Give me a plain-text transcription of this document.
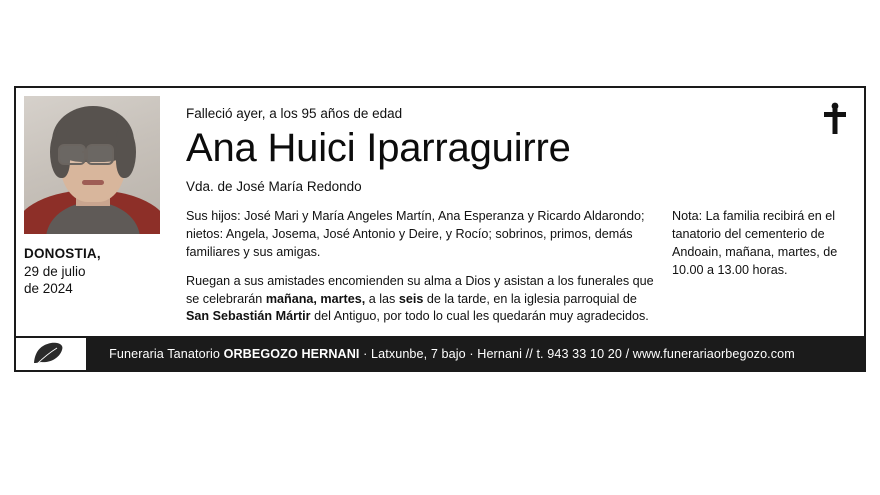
DONOSTIA,
29 de julio
de 2024
Falleció ayer, a los 95 años de edad
Ana Huici Iparraguirre
Vda. de José María Redondo

Sus hijos: José Mari y María Angeles Martín, Ana Esperanza y Ricardo Aldarondo; nietos: Angela, Josema, José Antonio y Deire, y Rocío; sobrinos, primos, demás familiares y sus amigas.

Ruegan a sus amistades encomienden su alma a Dios y asistan a los funerales que se celebrarán mañana, martes, a las seis de la tarde, en la iglesia parroquial de San Sebastián Mártir del Antiguo, por todo lo cual les quedarán muy agradecidos.

Nota: La familia recibirá en el tanatorio del cementerio de Andoain, mañana, martes, de 10.00 a 13.00 horas.

Funeraria Tanatorio ORBEGOZO HERNANI · Latxunbe, 7 bajo · Hernani // t. 943 33 10 20 / www.funerariaorbegozo.com
